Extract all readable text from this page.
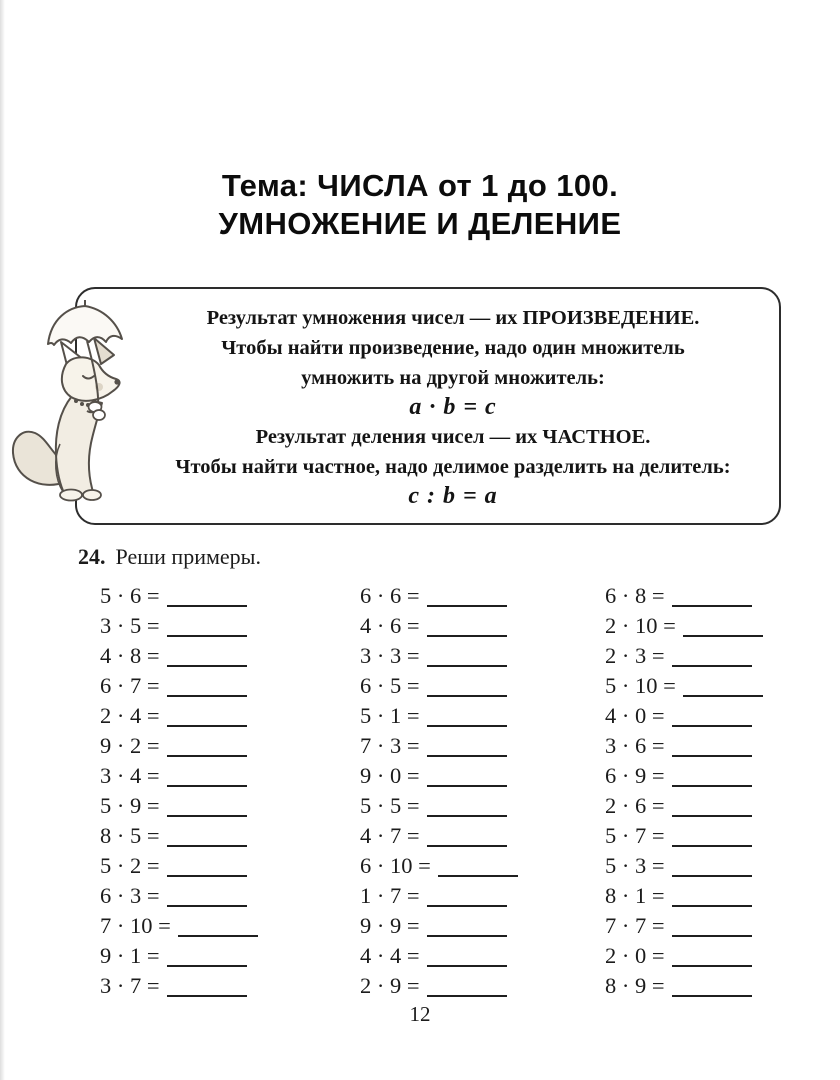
Тема: ЧИСЛА от 1 до 100.
УМНОЖЕНИЕ И ДЕЛЕНИЕ
Результат умножения чисел — их ПРОИЗВЕДЕНИЕ.
Чтобы найти произведение, надо один множитель
умножить на другой множитель:
a · b = c
Результат деления чисел — их ЧАСТНОЕ.
Чтобы найти частное, надо делимое разделить на делитель:
c : b = a
24. Реши примеры.
5 · 6 =
3 · 5 =
4 · 8 =
6 · 7 =
2 · 4 =
9 · 2 =
3 · 4 =
5 · 9 =
8 · 5 =
5 · 2 =
6 · 3 =
7 · 10 =
9 · 1 =
3 · 7 =
6 · 6 =
4 · 6 =
3 · 3 =
6 · 5 =
5 · 1 =
7 · 3 =
9 · 0 =
5 · 5 =
4 · 7 =
6 · 10 =
1 · 7 =
9 · 9 =
4 · 4 =
2 · 9 =
6 · 8 =
2 · 10 =
2 · 3 =
5 · 10 =
4 · 0 =
3 · 6 =
6 · 9 =
2 · 6 =
5 · 7 =
5 · 3 =
8 · 1 =
7 · 7 =
2 · 0 =
8 · 9 =
12
